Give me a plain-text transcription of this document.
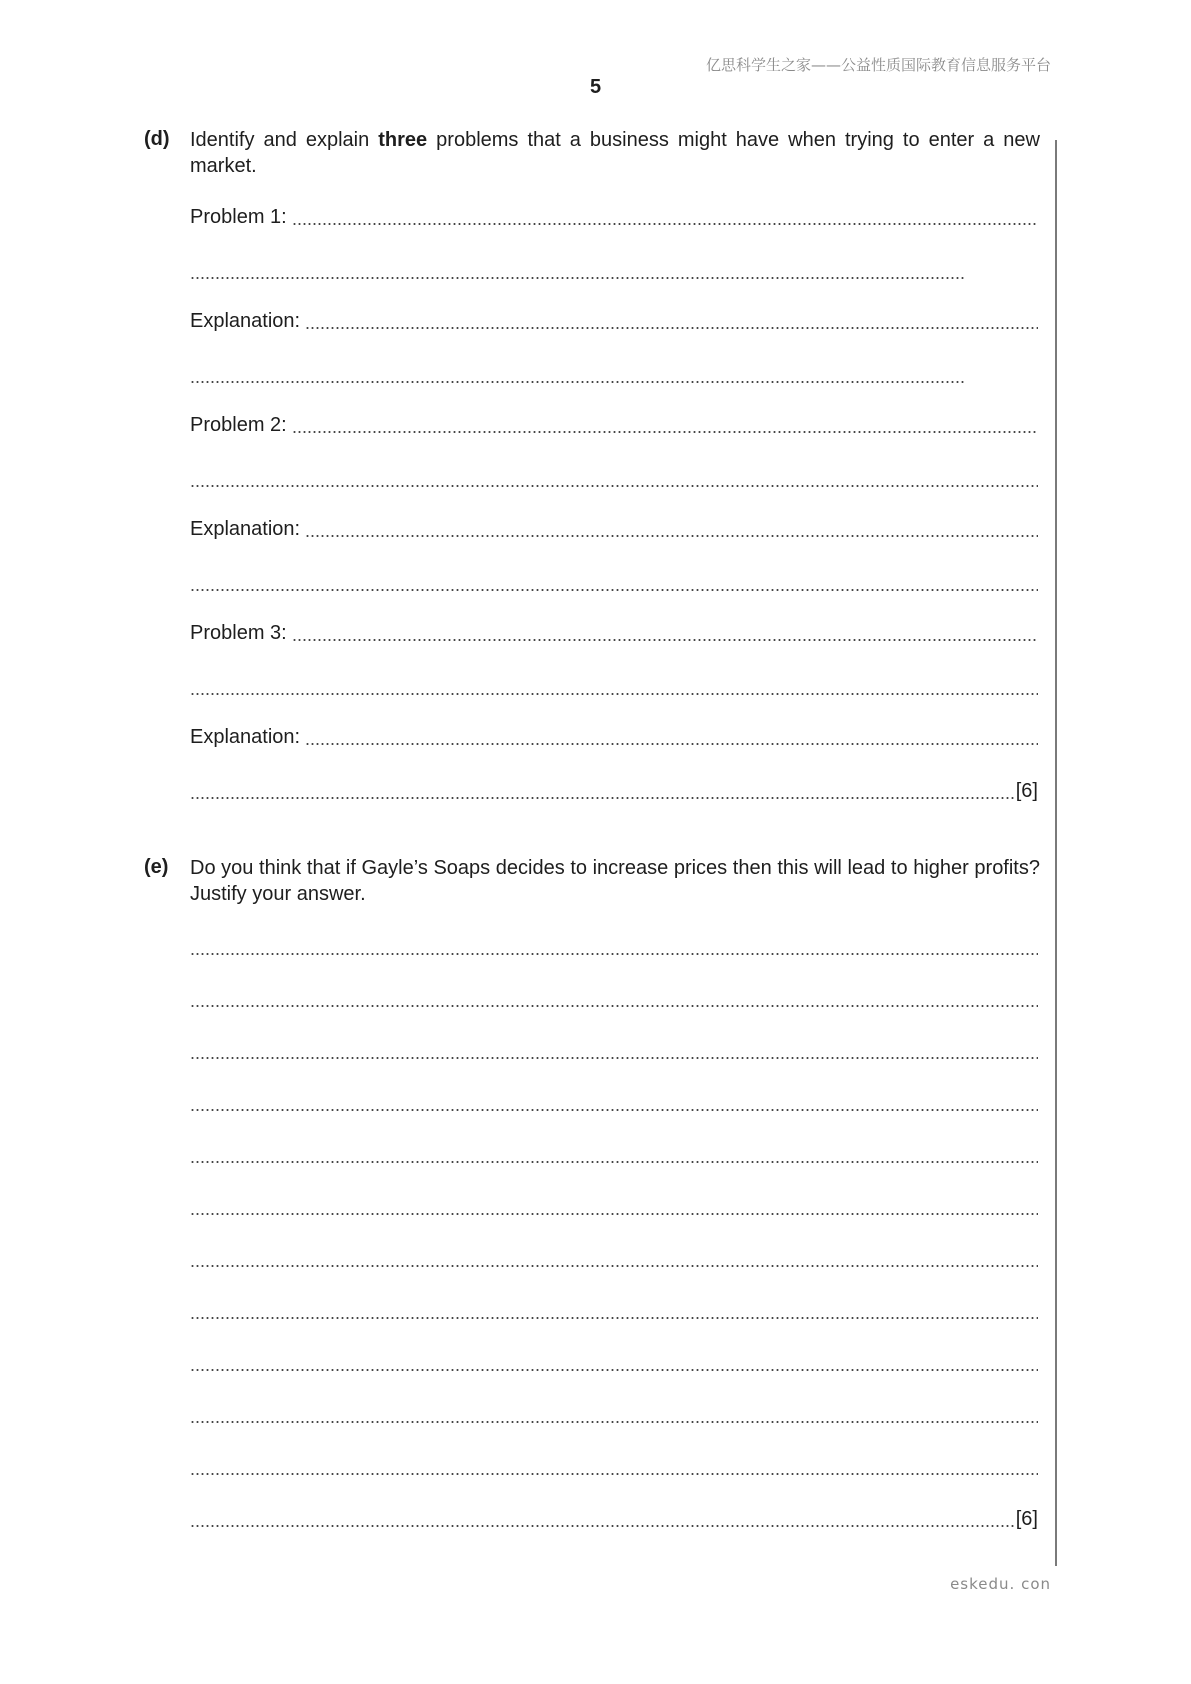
亿思科学生之家——公益性质国际教育信息服务平台
5
(d) Identify and explain three problems that a business might have when trying to enter a new market.
Problem 1:
Explanation:
Problem 2:
Explanation:
Problem 3:
Explanation:
[6]
(e) Do you think that if Gayle’s Soaps decides to increase prices then this will lead to higher profits? Justify your answer.
[6]
eskedu. con
